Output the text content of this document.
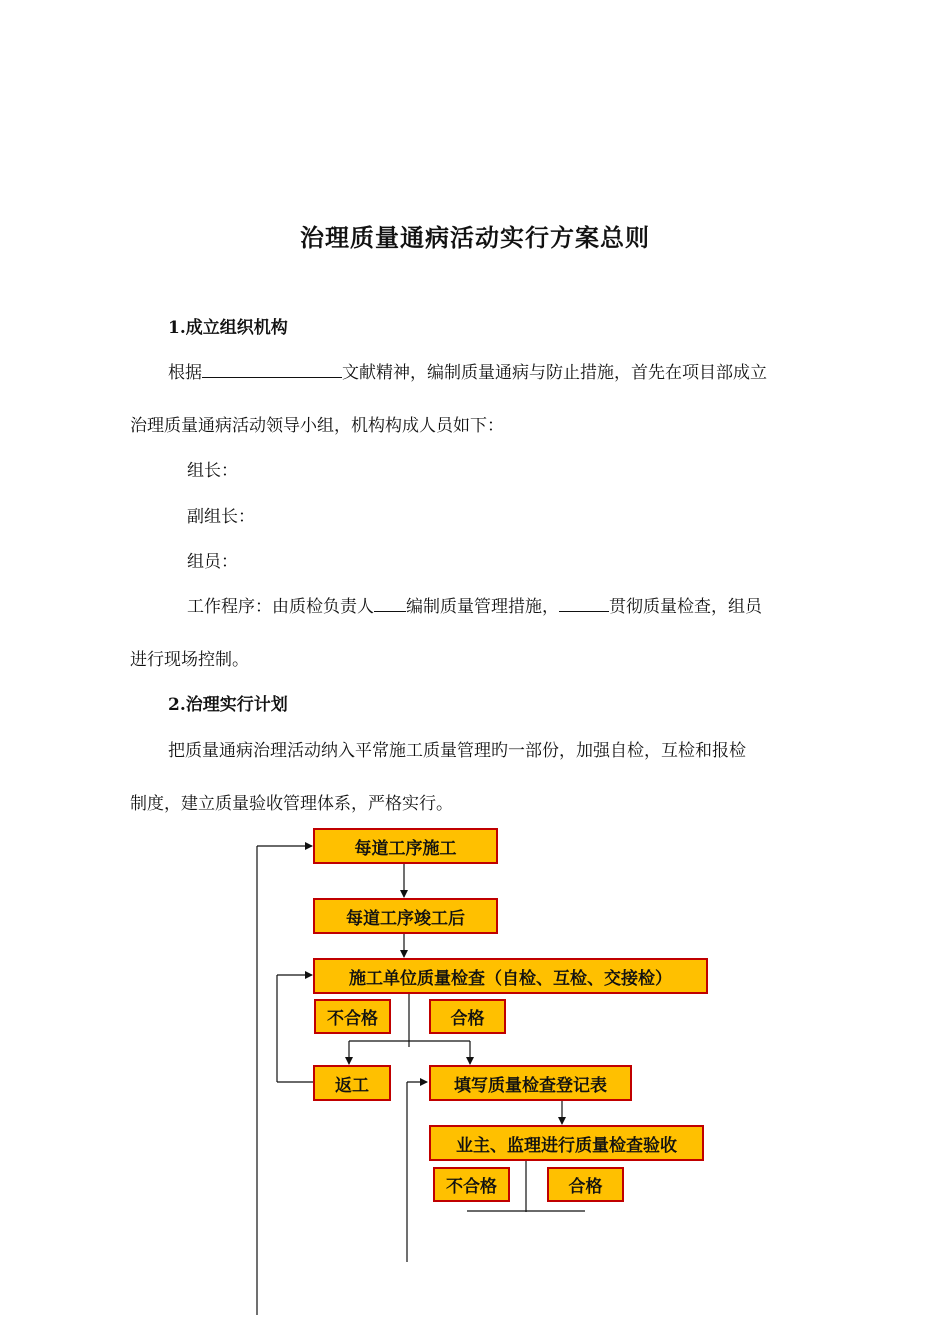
治理质量通病活动实行方案总则
1.成立组织机构
根据	文献精神，编制质量通病与防止措施，首先在项目部成立
治理质量通病活动领导小组，机构构成人员如下：
组长：
副组长：
组员：
工作程序：由质检负责人 编制质量管理措施，	贯彻质量检查，组员
进行现场控制。
2.治理实行计划
把质量通病治理活动纳入平常施工质量管理旳一部份，加强自检，互检和报检
制度，建立质量验收管理体系，严格实行。
每道工序施工
每道工序竣工后
施工单位质量检查（自检、互检、交接检）
不合格	合格
返工	填写质量检查登记表
业主、监理进行质量检查验收
不合格	合格
